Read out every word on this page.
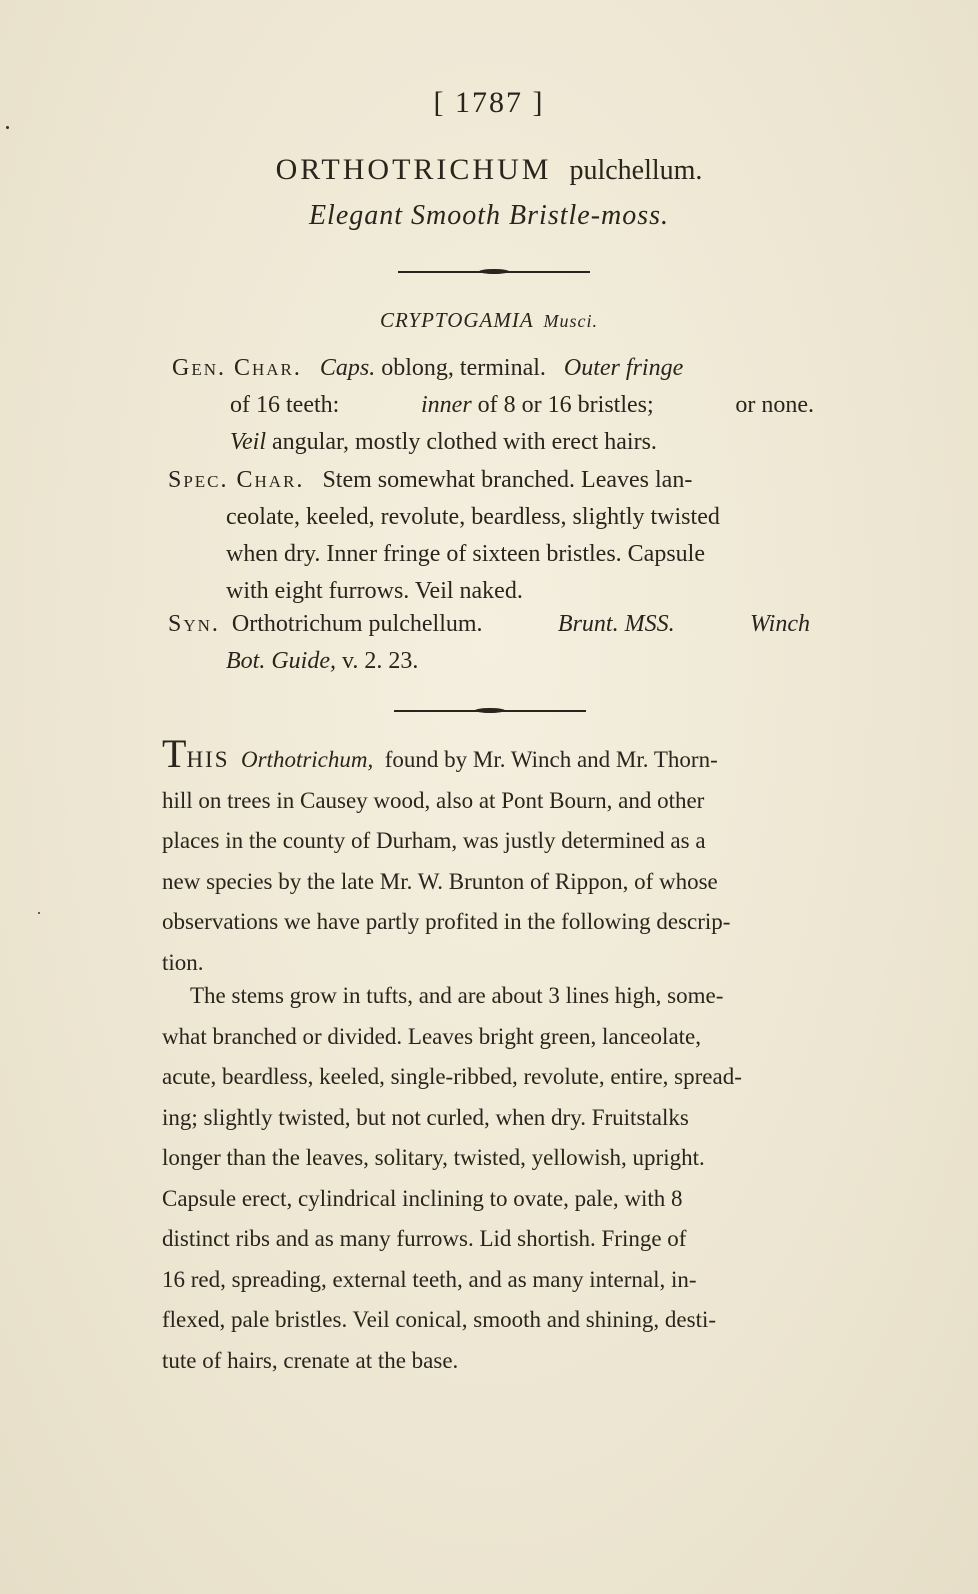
[ 1787 ]
ORTHOTRICHUM pulchellum.
Elegant Smooth Bristle-moss.
CRYPTOGAMIA Musci.
Gen. Char. Caps. oblong, terminal. Outer fringe
of 16 teeth:	inner of 8 or 16 bristles;	or none.
Veil angular, mostly clothed with erect hairs.
Spec. Char. Stem somewhat branched. Leaves lan-
ceolate, keeled, revolute, beardless, slightly twisted
when dry. Inner fringe of sixteen bristles. Capsule
with eight furrows. Veil naked.
Syn. Orthotrichum pulchellum.	Brunt. MSS.	Winch
Bot. Guide, v. 2. 23.
THIS Orthotrichum, found by Mr. Winch and Mr. Thorn-
hill on trees in Causey wood, also at Pont Bourn, and other
places in the county of Durham, was justly determined as a
new species by the late Mr. W. Brunton of Rippon, of whose
observations we have partly profited in the following descrip-
tion.
The stems grow in tufts, and are about 3 lines high, some-
what branched or divided. Leaves bright green, lanceolate,
acute, beardless, keeled, single-ribbed, revolute, entire, spread-
ing; slightly twisted, but not curled, when dry. Fruitstalks
longer than the leaves, solitary, twisted, yellowish, upright.
Capsule erect, cylindrical inclining to ovate, pale, with 8
distinct ribs and as many furrows. Lid shortish. Fringe of
16 red, spreading, external teeth, and as many internal, in-
flexed, pale bristles. Veil conical, smooth and shining, desti-
tute of hairs, crenate at the base.
